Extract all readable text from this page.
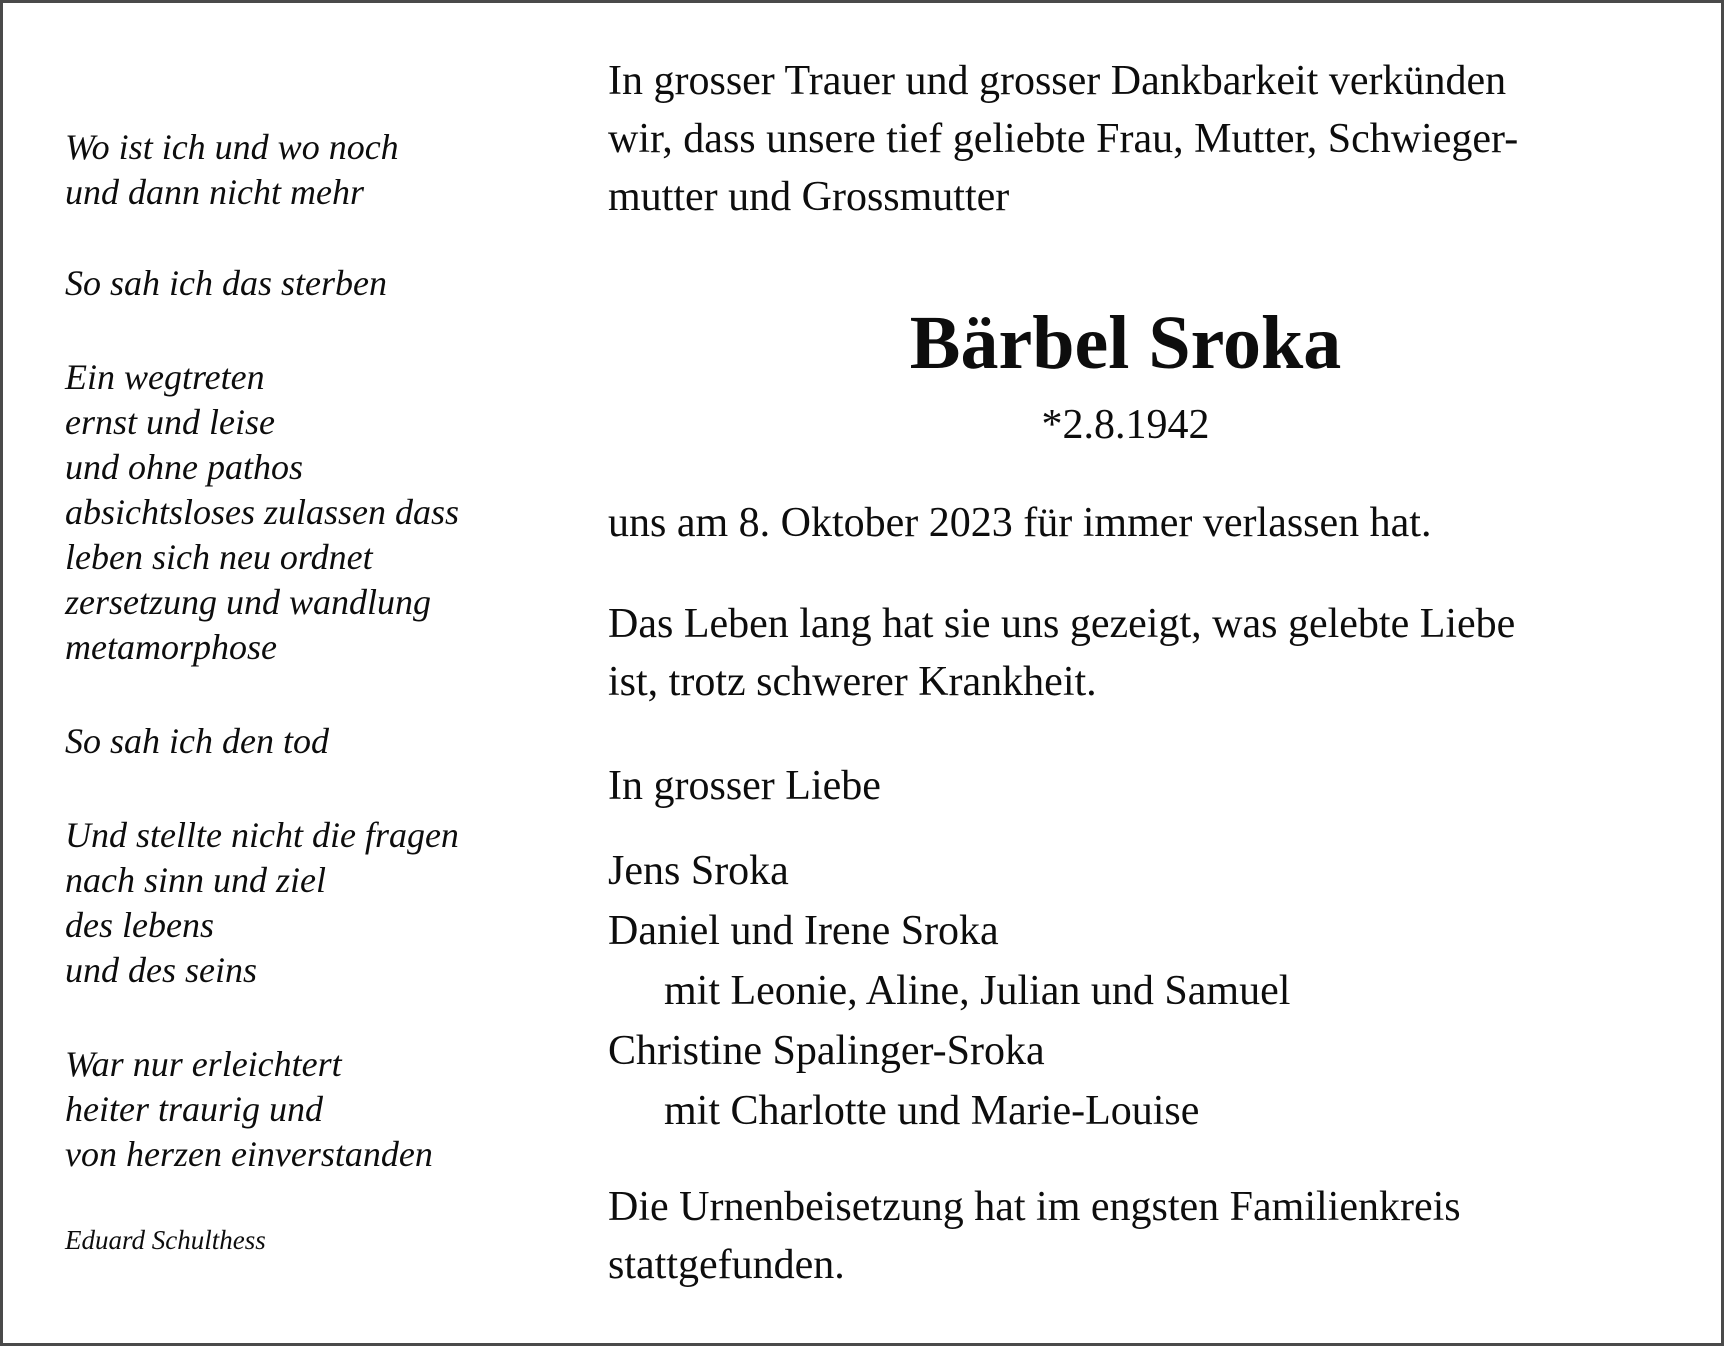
Wo ist ich und wo noch
und dann nicht mehr
So sah ich das sterben
Ein wegtreten
ernst und leise
und ohne pathos
absichtsloses zulassen dass
leben sich neu ordnet
zersetzung und wandlung
metamorphose
So sah ich den tod
Und stellte nicht die fragen
nach sinn und ziel
des lebens
und des seins
War nur erleichtert
heiter traurig und
von herzen einverstanden
Eduard Schulthess
In grosser Trauer und grosser Dankbarkeit verkünden
wir, dass unsere tief geliebte Frau, Mutter, Schwieger-
mutter und Grossmutter
Bärbel Sroka
*2.8.1942
uns am 8. Oktober 2023 für immer verlassen hat.
Das Leben lang hat sie uns gezeigt, was gelebte Liebe
ist, trotz schwerer Krankheit.
In grosser Liebe
Jens Sroka
Daniel und Irene Sroka
mit Leonie, Aline, Julian und Samuel
Christine Spalinger-Sroka
mit Charlotte und Marie-Louise
Die Urnenbeisetzung hat im engsten Familienkreis
stattgefunden.
